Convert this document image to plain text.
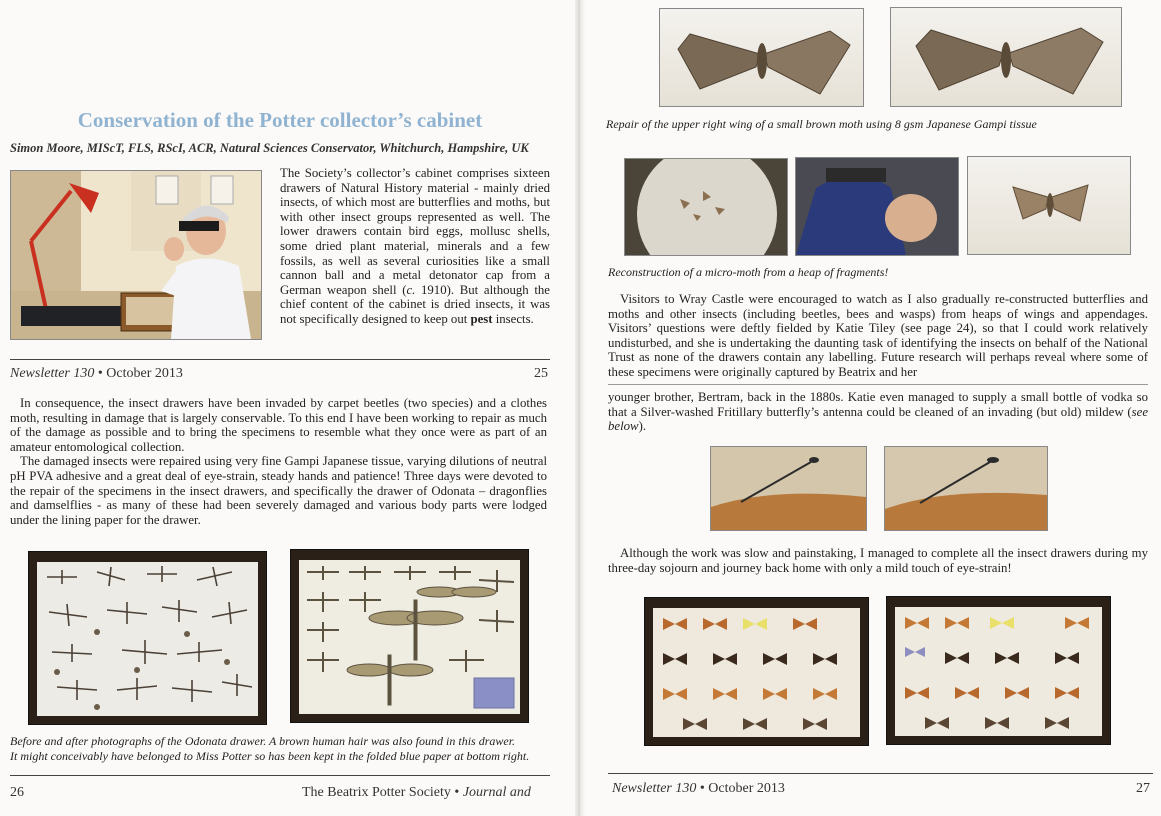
Conservation of the Potter collector’s cabinet
Simon Moore, MIScT, FLS, RScI, ACR, Natural Sciences Conservator, Whitchurch, Hampshire, UK
The Society’s collector’s cabinet comprises sixteen drawers of Natural History material - mainly dried insects, of which most are butterflies and moths, but with other insect groups represented as well. The lower drawers contain bird eggs, mollusc shells, some dried plant material, minerals and a few fossils, as well as several curiosities like a small cannon ball and a metal detonator cap from a German weapon shell (c. 1910). But although the chief content of the cabinet is dried insects, it was not specifically designed to keep out pest insects.
Newsletter 130 • October 2013	25
In consequence, the insect drawers have been invaded by carpet beetles (two species) and a clothes moth, resulting in damage that is largely conservable. To this end I have been working to repair as much of the damage as possible and to bring the specimens to resemble what they once were as part of an amateur entomological collection.
The damaged insects were repaired using very fine Gampi Japanese tissue, varying dilutions of neutral pH PVA adhesive and a great deal of eye-strain, steady hands and patience! Three days were devoted to the repair of the specimens in the insect drawers, and specifically the drawer of Odonata – dragonflies and damselflies - as many of these had been severely damaged and various body parts were lodged under the lining paper for the drawer.
Before and after photographs of the Odonata drawer. A brown human hair was also found in this drawer.
It might conceivably have belonged to Miss Potter so has been kept in the folded blue paper at bottom right.
26	The Beatrix Potter Society • Journal and
Repair of the upper right wing of a small brown moth using 8 gsm Japanese Gampi tissue
Reconstruction of a micro-moth from a heap of fragments!
Visitors to Wray Castle were encouraged to watch as I also gradually re-constructed butterflies and moths and other insects (including beetles, bees and wasps) from heaps of wings and appendages. Visitors’ questions were deftly fielded by Katie Tiley (see page 24), so that I could work relatively undisturbed, and she is undertaking the daunting task of identifying the insects on behalf of the National Trust as none of the drawers contain any labelling. Future research will perhaps reveal where some of these specimens were originally captured by Beatrix and her
younger brother, Bertram, back in the 1880s. Katie even managed to supply a small bottle of vodka so that a Silver-washed Fritillary butterfly’s antenna could be cleaned of an invading (but old) mildew (see below).
Although the work was slow and painstaking, I managed to complete all the insect drawers during my three-day sojourn and journey back home with only a mild touch of eye-strain!
Newsletter 130 • October 2013	27
